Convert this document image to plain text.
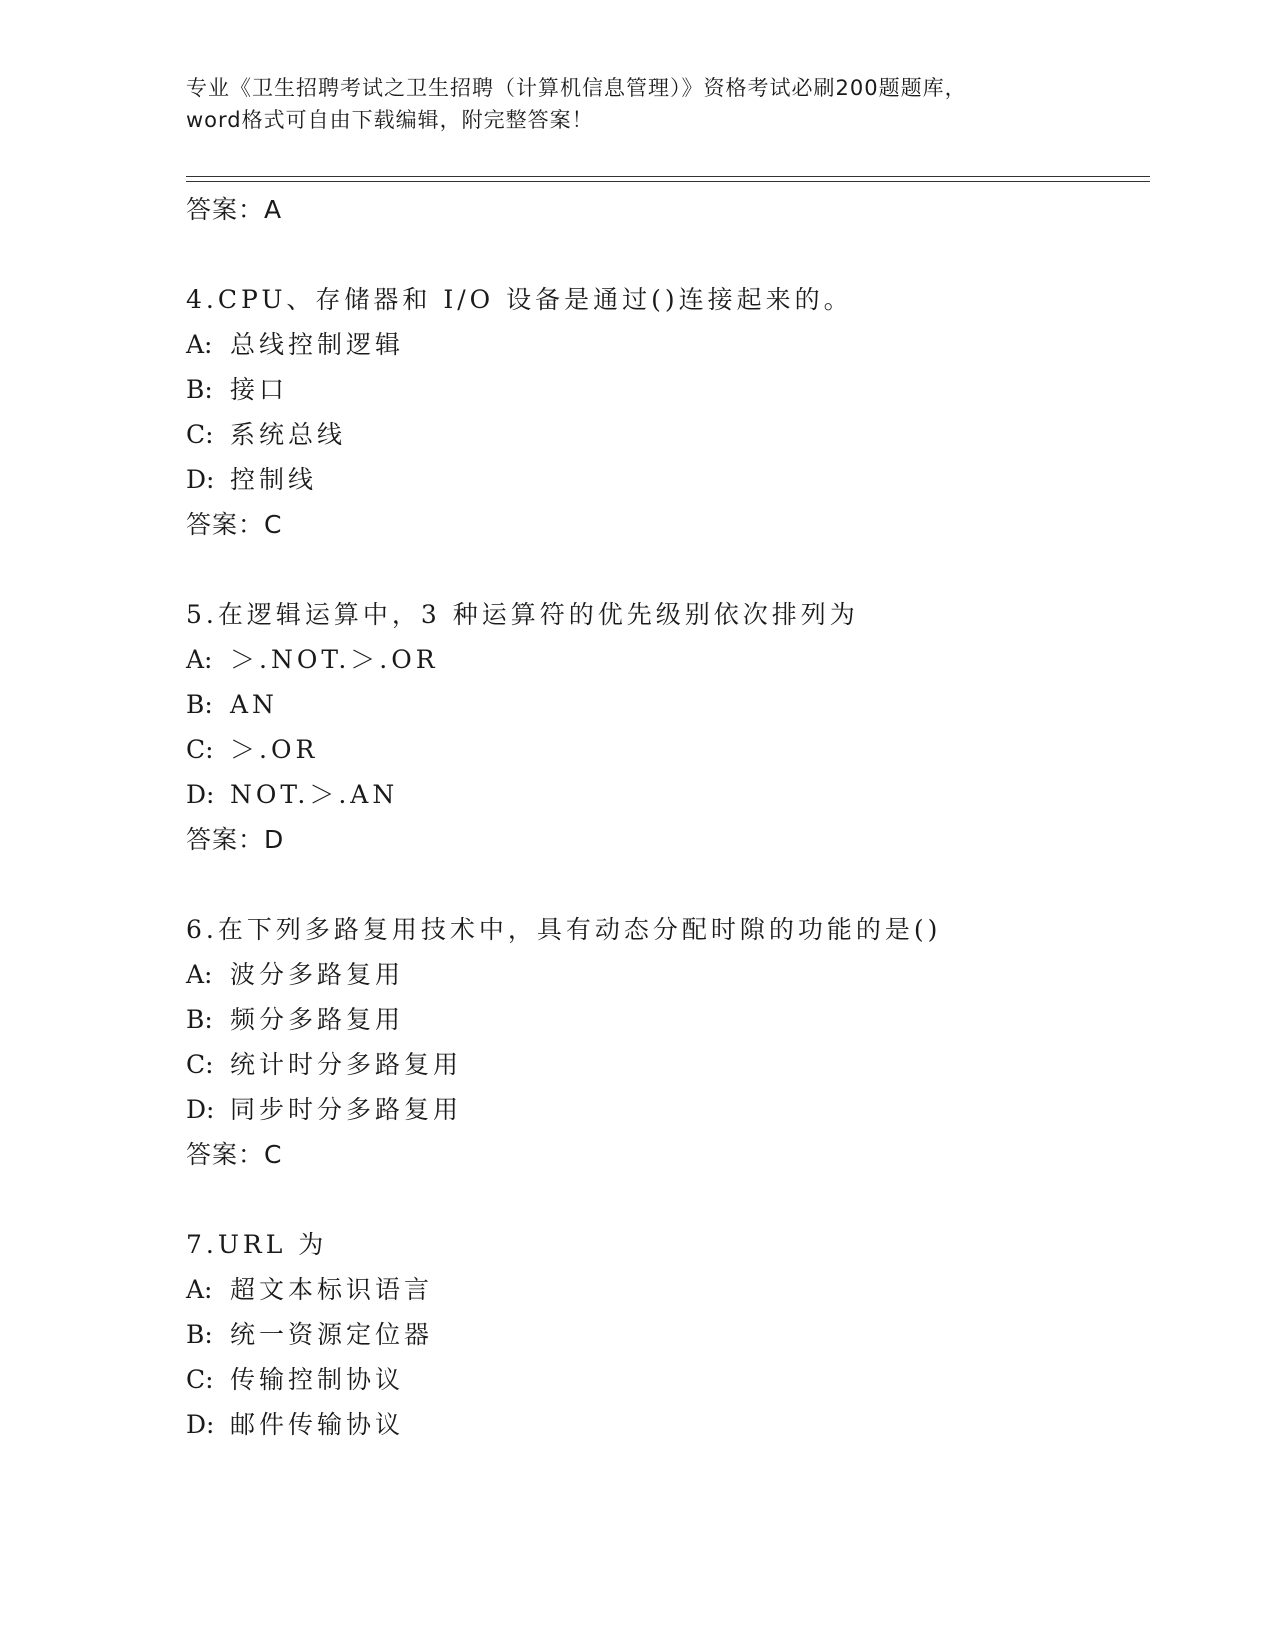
专业《卫生招聘考试之卫生招聘（计算机信息管理）》资格考试必刷200题题库，
word格式可自由下载编辑，附完整答案！
答案：A
4.CPU、存储器和 I/O 设备是通过()连接起来的。
A: 总线控制逻辑
B: 接口
C: 系统总线
D: 控制线
答案：C
5.在逻辑运算中，3 种运算符的优先级别依次排列为
A: ＞.NOT.＞.OR
B: AN
C: ＞.OR
D: NOT.＞.AN
答案：D
6.在下列多路复用技术中，具有动态分配时隙的功能的是()
A: 波分多路复用
B: 频分多路复用
C: 统计时分多路复用
D: 同步时分多路复用
答案：C
7.URL 为
A: 超文本标识语言
B: 统一资源定位器
C: 传输控制协议
D: 邮件传输协议
